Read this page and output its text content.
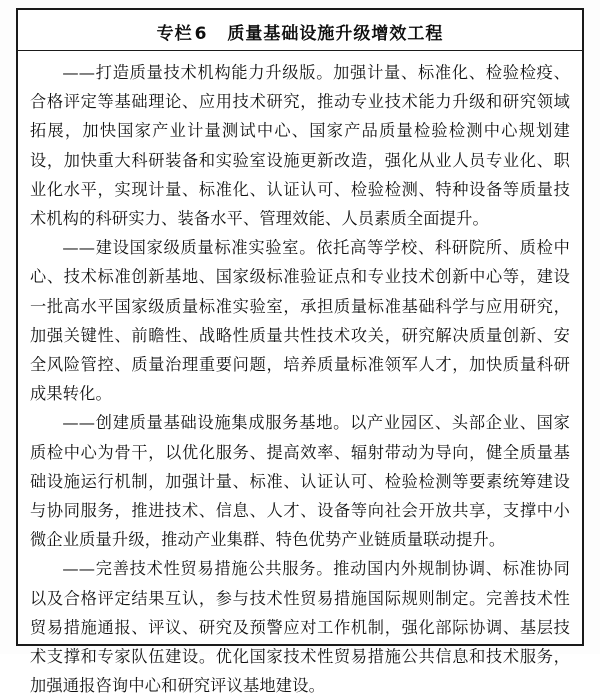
专栏 6 质量基础设施升级增效工程

——打造质量技术机构能力升级版。加强计量、标准化、检验检疫、合格评定等基础理论、应用技术研究，推动专业技术能力升级和研究领域拓展，加快国家产业计量测试中心、国家产品质量检验检测中心规划建设，加快重大科研装备和实验室设施更新改造，强化从业人员专业化、职业化水平，实现计量、标准化、认证认可、检验检测、特种设备等质量技术机构的科研实力、装备水平、管理效能、人员素质全面提升。

——建设国家级质量标准实验室。依托高等学校、科研院所、质检中心、技术标准创新基地、国家级标准验证点和专业技术创新中心等，建设一批高水平国家级质量标准实验室，承担质量标准基础科学与应用研究，加强关键性、前瞻性、战略性质量共性技术攻关，研究解决质量创新、安全风险管控、质量治理重要问题，培养质量标准领军人才，加快质量科研成果转化。

——创建质量基础设施集成服务基地。以产业园区、头部企业、国家质检中心为骨干，以优化服务、提高效率、辐射带动为导向，健全质量基础设施运行机制，加强计量、标准、认证认可、检验检测等要素统筹建设与协同服务，推进技术、信息、人才、设备等向社会开放共享，支撑中小微企业质量升级，推动产业集群、特色优势产业链质量联动提升。

——完善技术性贸易措施公共服务。推动国内外规制协调、标准协同以及合格评定结果互认，参与技术性贸易措施国际规则制定。完善技术性贸易措施通报、评议、研究及预警应对工作机制，强化部际协调、基层技术支撑和专家队伍建设。优化国家技术性贸易措施公共信息和技术服务，加强通报咨询中心和研究评议基地建设。
